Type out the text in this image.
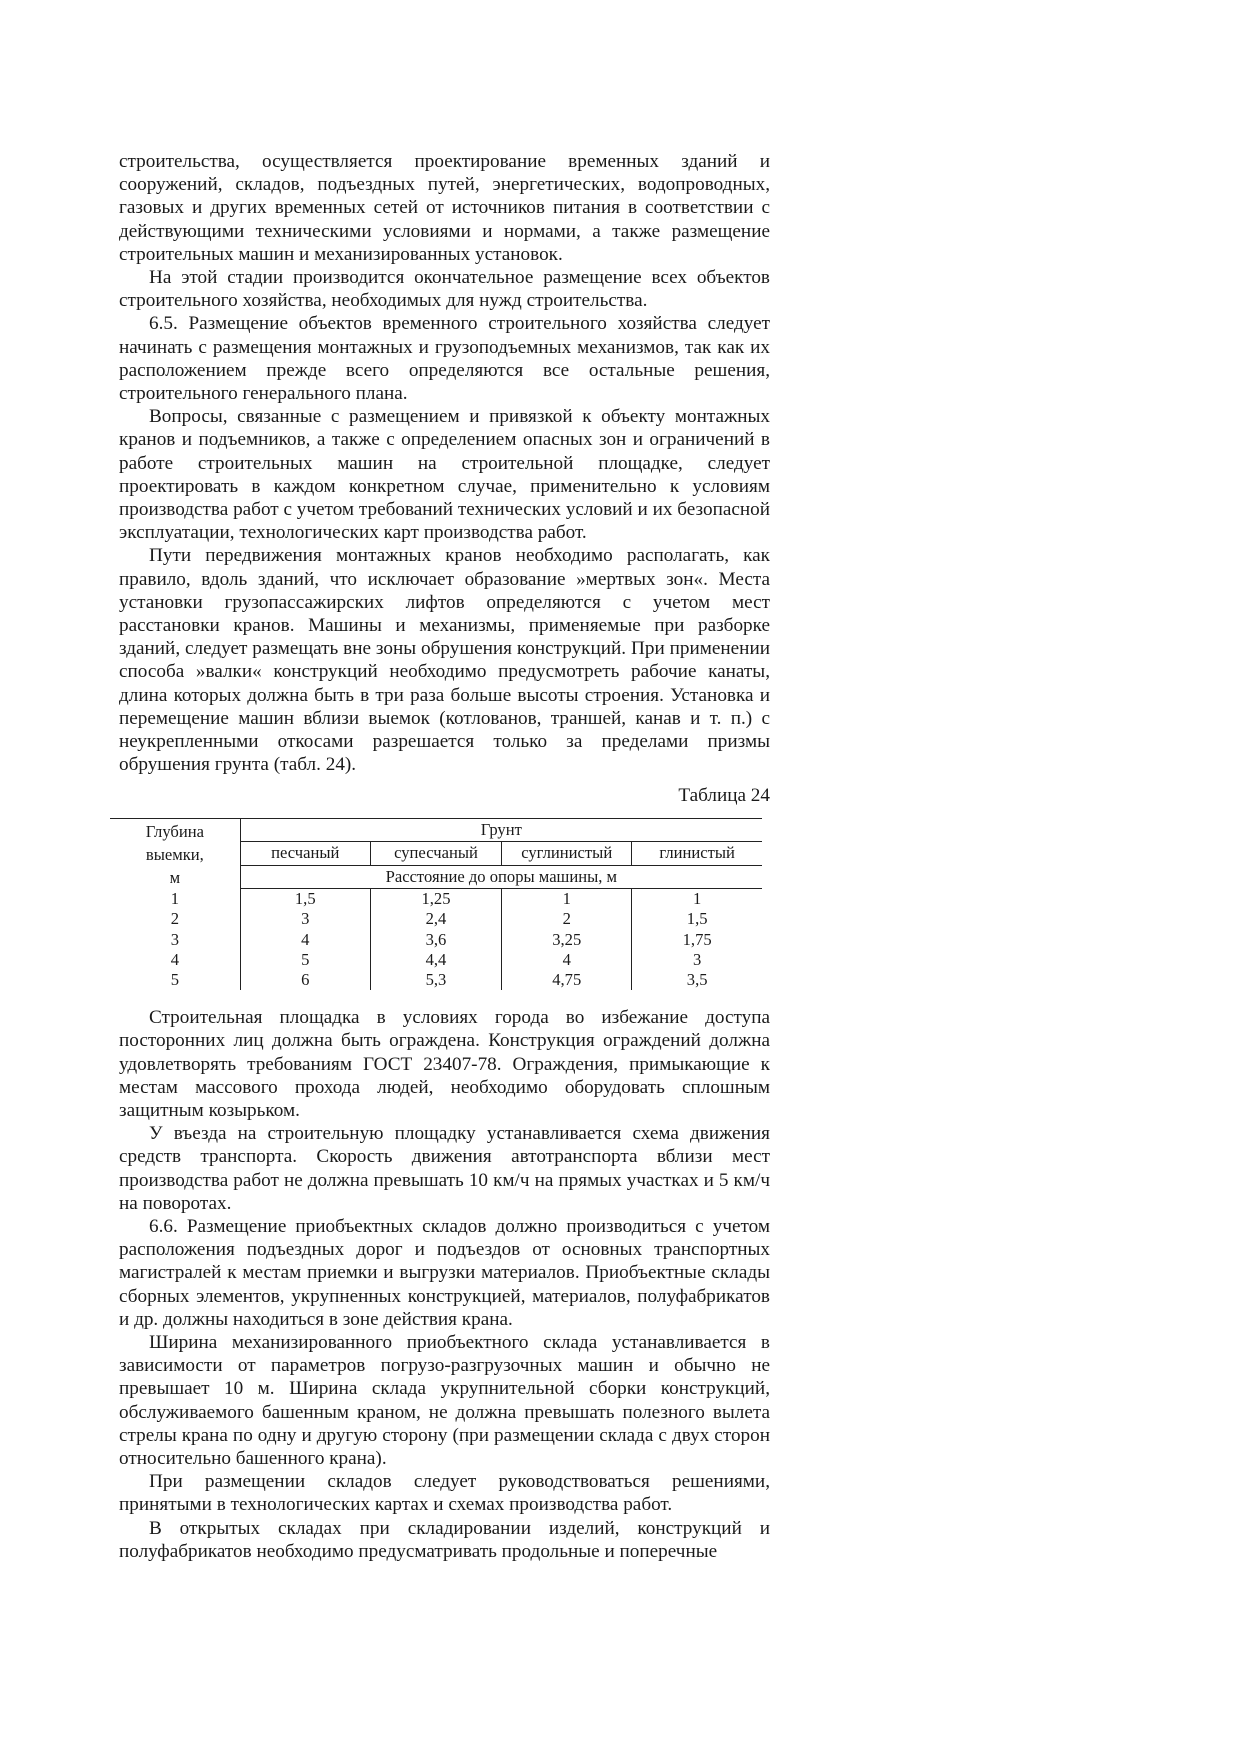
строительства, осуществляется проектирование временных зданий и сооружений, складов, подъездных путей, энергетических, водопроводных, газовых и других временных сетей от источников питания в соответствии с действующими техническими условиями и нормами, а также размещение строительных машин и механизированных установок.

На этой стадии производится окончательное размещение всех объектов строительного хозяйства, необходимых для нужд строительства.

6.5. Размещение объектов временного строительного хозяйства следует начинать с размещения монтажных и грузоподъемных механизмов, так как их расположением прежде всего определяются все остальные решения, строительного генерального плана.

Вопросы, связанные с размещением и привязкой к объекту монтажных кранов и подъемников, а также с определением опасных зон и ограничений в работе строительных машин на строительной площадке, следует проектировать в каждом конкретном случае, применительно к условиям производства работ с учетом требований технических условий и их безопасной эксплуатации, технологических карт производства работ.

Пути передвижения монтажных кранов необходимо располагать, как правило, вдоль зданий, что исключает образование »мертвых зон«. Места установки грузопассажирских лифтов определяются с учетом мест расстановки кранов. Машины и механизмы, применяемые при разборке зданий, следует размещать вне зоны обрушения конструкций. При применении способа »валки« конструкций необходимо предусмотреть рабочие канаты, длина которых должна быть в три раза больше высоты строения. Установка и перемещение машин вблизи выемок (котлованов, траншей, канав и т. п.) с неукрепленными откосами разрешается только за пределами призмы обрушения грунта (табл. 24).

Таблица 24
Глубина
выемки,
м	Грунт			
	песчаный	супесчаный	суглинистый	глинистый
	Расстояние до опоры машины, м			
1	1,5	1,25	1	1
2	3	2,4	2	1,5
3	4	3,6	3,25	1,75
4	5	4,4	4	3
5	6	5,3	4,75	3,5

Строительная площадка в условиях города во избежание доступа посторонних лиц должна быть ограждена. Конструкция ограждений должна удовлетворять требованиям ГОСТ 23407-78. Ограждения, примыкающие к местам массового прохода людей, необходимо оборудовать сплошным защитным козырьком.

У въезда на строительную площадку устанавливается схема движения средств транспорта. Скорость движения автотранспорта вблизи мест производства работ не должна превышать 10 км/ч на прямых участках и 5 км/ч на поворотах.

6.6. Размещение приобъектных складов должно производиться с учетом расположения подъездных дорог и подъездов от основных транспортных магистралей к местам приемки и выгрузки материалов. Приобъектные склады сборных элементов, укрупненных конструкцией, материалов, полуфабрикатов и др. должны находиться в зоне действия крана.

Ширина механизированного приобъектного склада устанавливается в зависимости от параметров погрузо-разгрузочных машин и обычно не превышает 10 м. Ширина склада укрупнительной сборки конструкций, обслуживаемого башенным краном, не должна превышать полезного вылета стрелы крана по одну и другую сторону (при размещении склада с двух сторон относительно башенного крана).

При размещении складов следует руководствоваться решениями, принятыми в технологических картах и схемах производства работ.

В открытых складах при складировании изделий, конструкций и полуфабрикатов необходимо предусматривать продольные и поперечные
